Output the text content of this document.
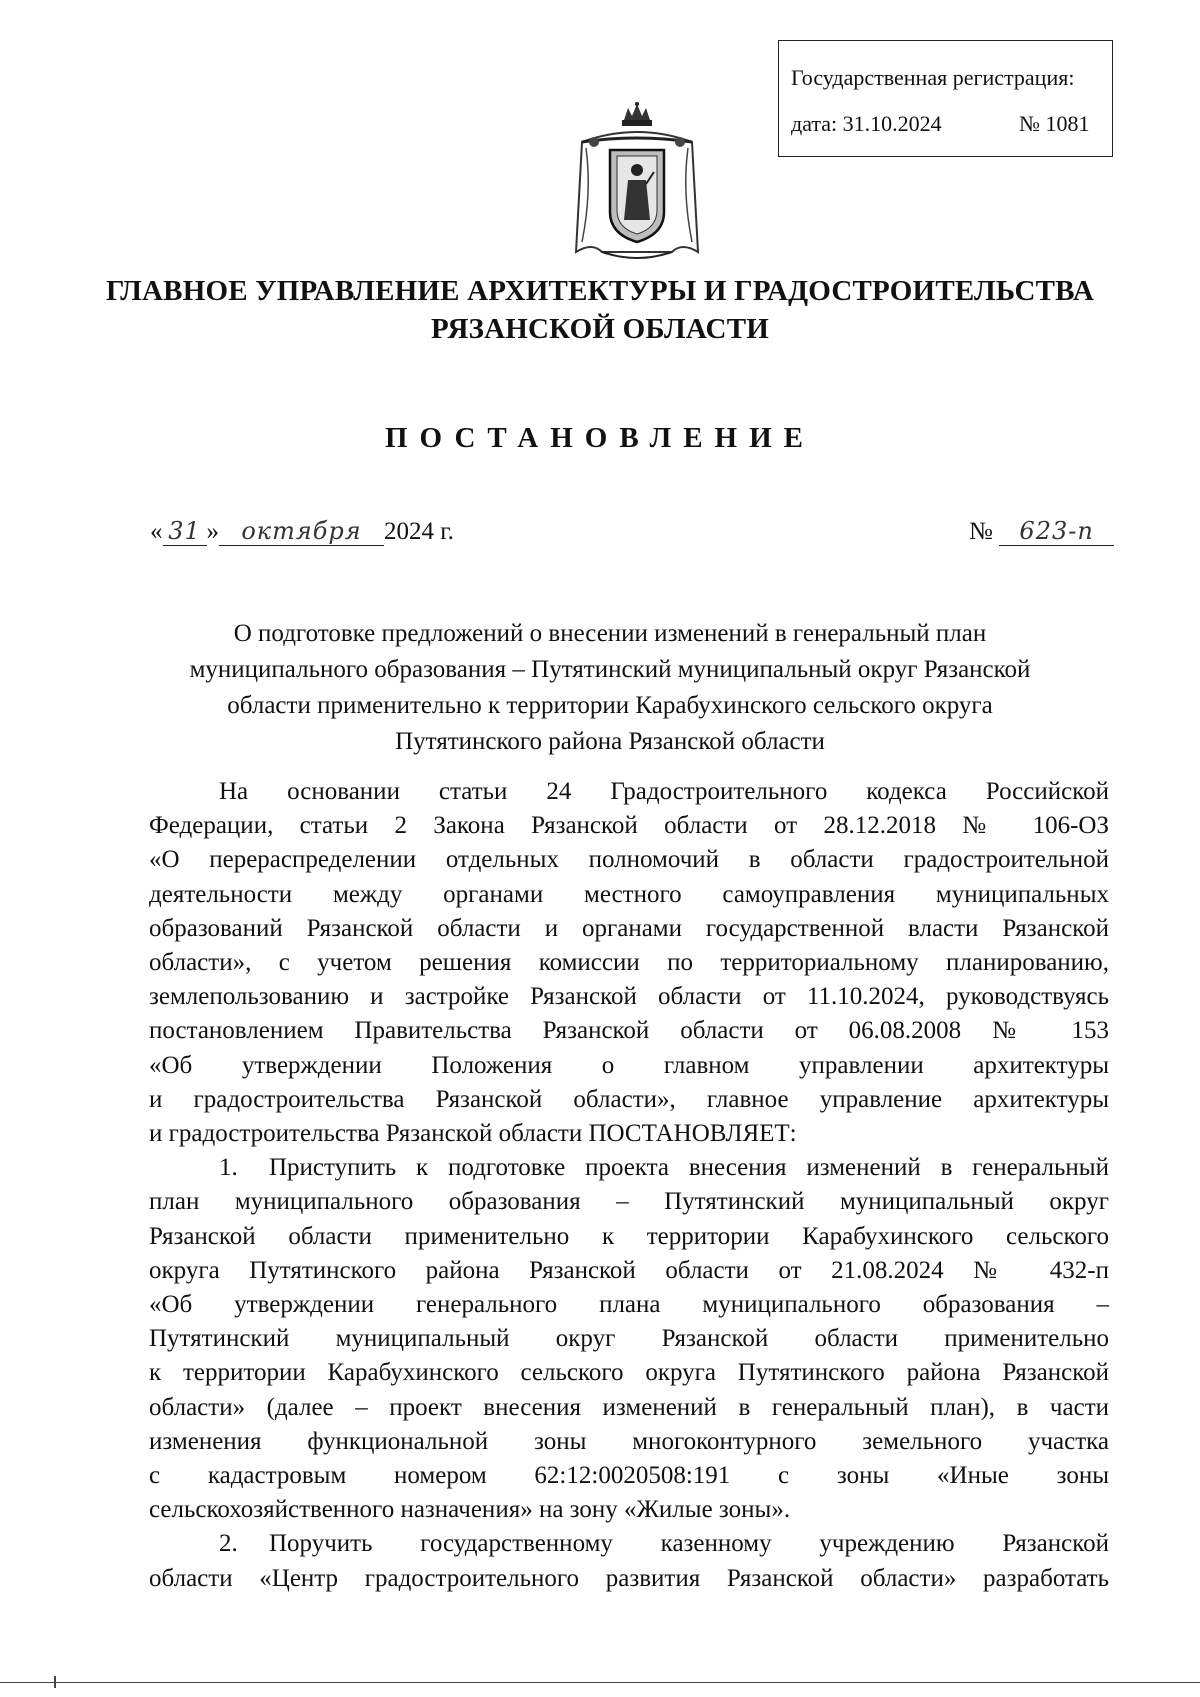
Государственная регистрация:
дата: 31.10.2024	№ 1081
ГЛАВНОЕ УПРАВЛЕНИЕ АРХИТЕКТУРЫ И ГРАДОСТРОИТЕЛЬСТВА
РЯЗАНСКОЙ ОБЛАСТИ
ПОСТАНОВЛЕНИЕ
« 31 » октября 2024 г.	№ 623-п
О подготовке предложений о внесении изменений в генеральный план
муниципального образования – Путятинский муниципальный округ Рязанской
области применительно к территории Карабухинского сельского округа
Путятинского района Рязанской области
На основании статьи 24 Градостроительного кодекса Российской
Федерации, статьи 2 Закона Рязанской области от 28.12.2018 № 106-ОЗ
«О перераспределении отдельных полномочий в области градостроительной
деятельности между органами местного самоуправления муниципальных
образований Рязанской области и органами государственной власти Рязанской
области», с учетом решения комиссии по территориальному планированию,
землепользованию и застройке Рязанской области от 11.10.2024, руководствуясь
постановлением Правительства Рязанской области от 06.08.2008 № 153
«Об утверждении Положения о главном управлении архитектуры
и градостроительства Рязанской области», главное управление архитектуры
и градостроительства Рязанской области ПОСТАНОВЛЯЕТ:
1. Приступить к подготовке проекта внесения изменений в генеральный
план муниципального образования – Путятинский муниципальный округ
Рязанской области применительно к территории Карабухинского сельского
округа Путятинского района Рязанской области от 21.08.2024 № 432-п
«Об утверждении генерального плана муниципального образования –
Путятинский муниципальный округ Рязанской области применительно
к территории Карабухинского сельского округа Путятинского района Рязанской
области» (далее – проект внесения изменений в генеральный план), в части
изменения функциональной зоны многоконтурного земельного участка
с кадастровым номером 62:12:0020508:191 с зоны «Иные зоны
сельскохозяйственного назначения» на зону «Жилые зоны».
2. Поручить государственному казенному учреждению Рязанской
области «Центр градостроительного развития Рязанской области» разработать
